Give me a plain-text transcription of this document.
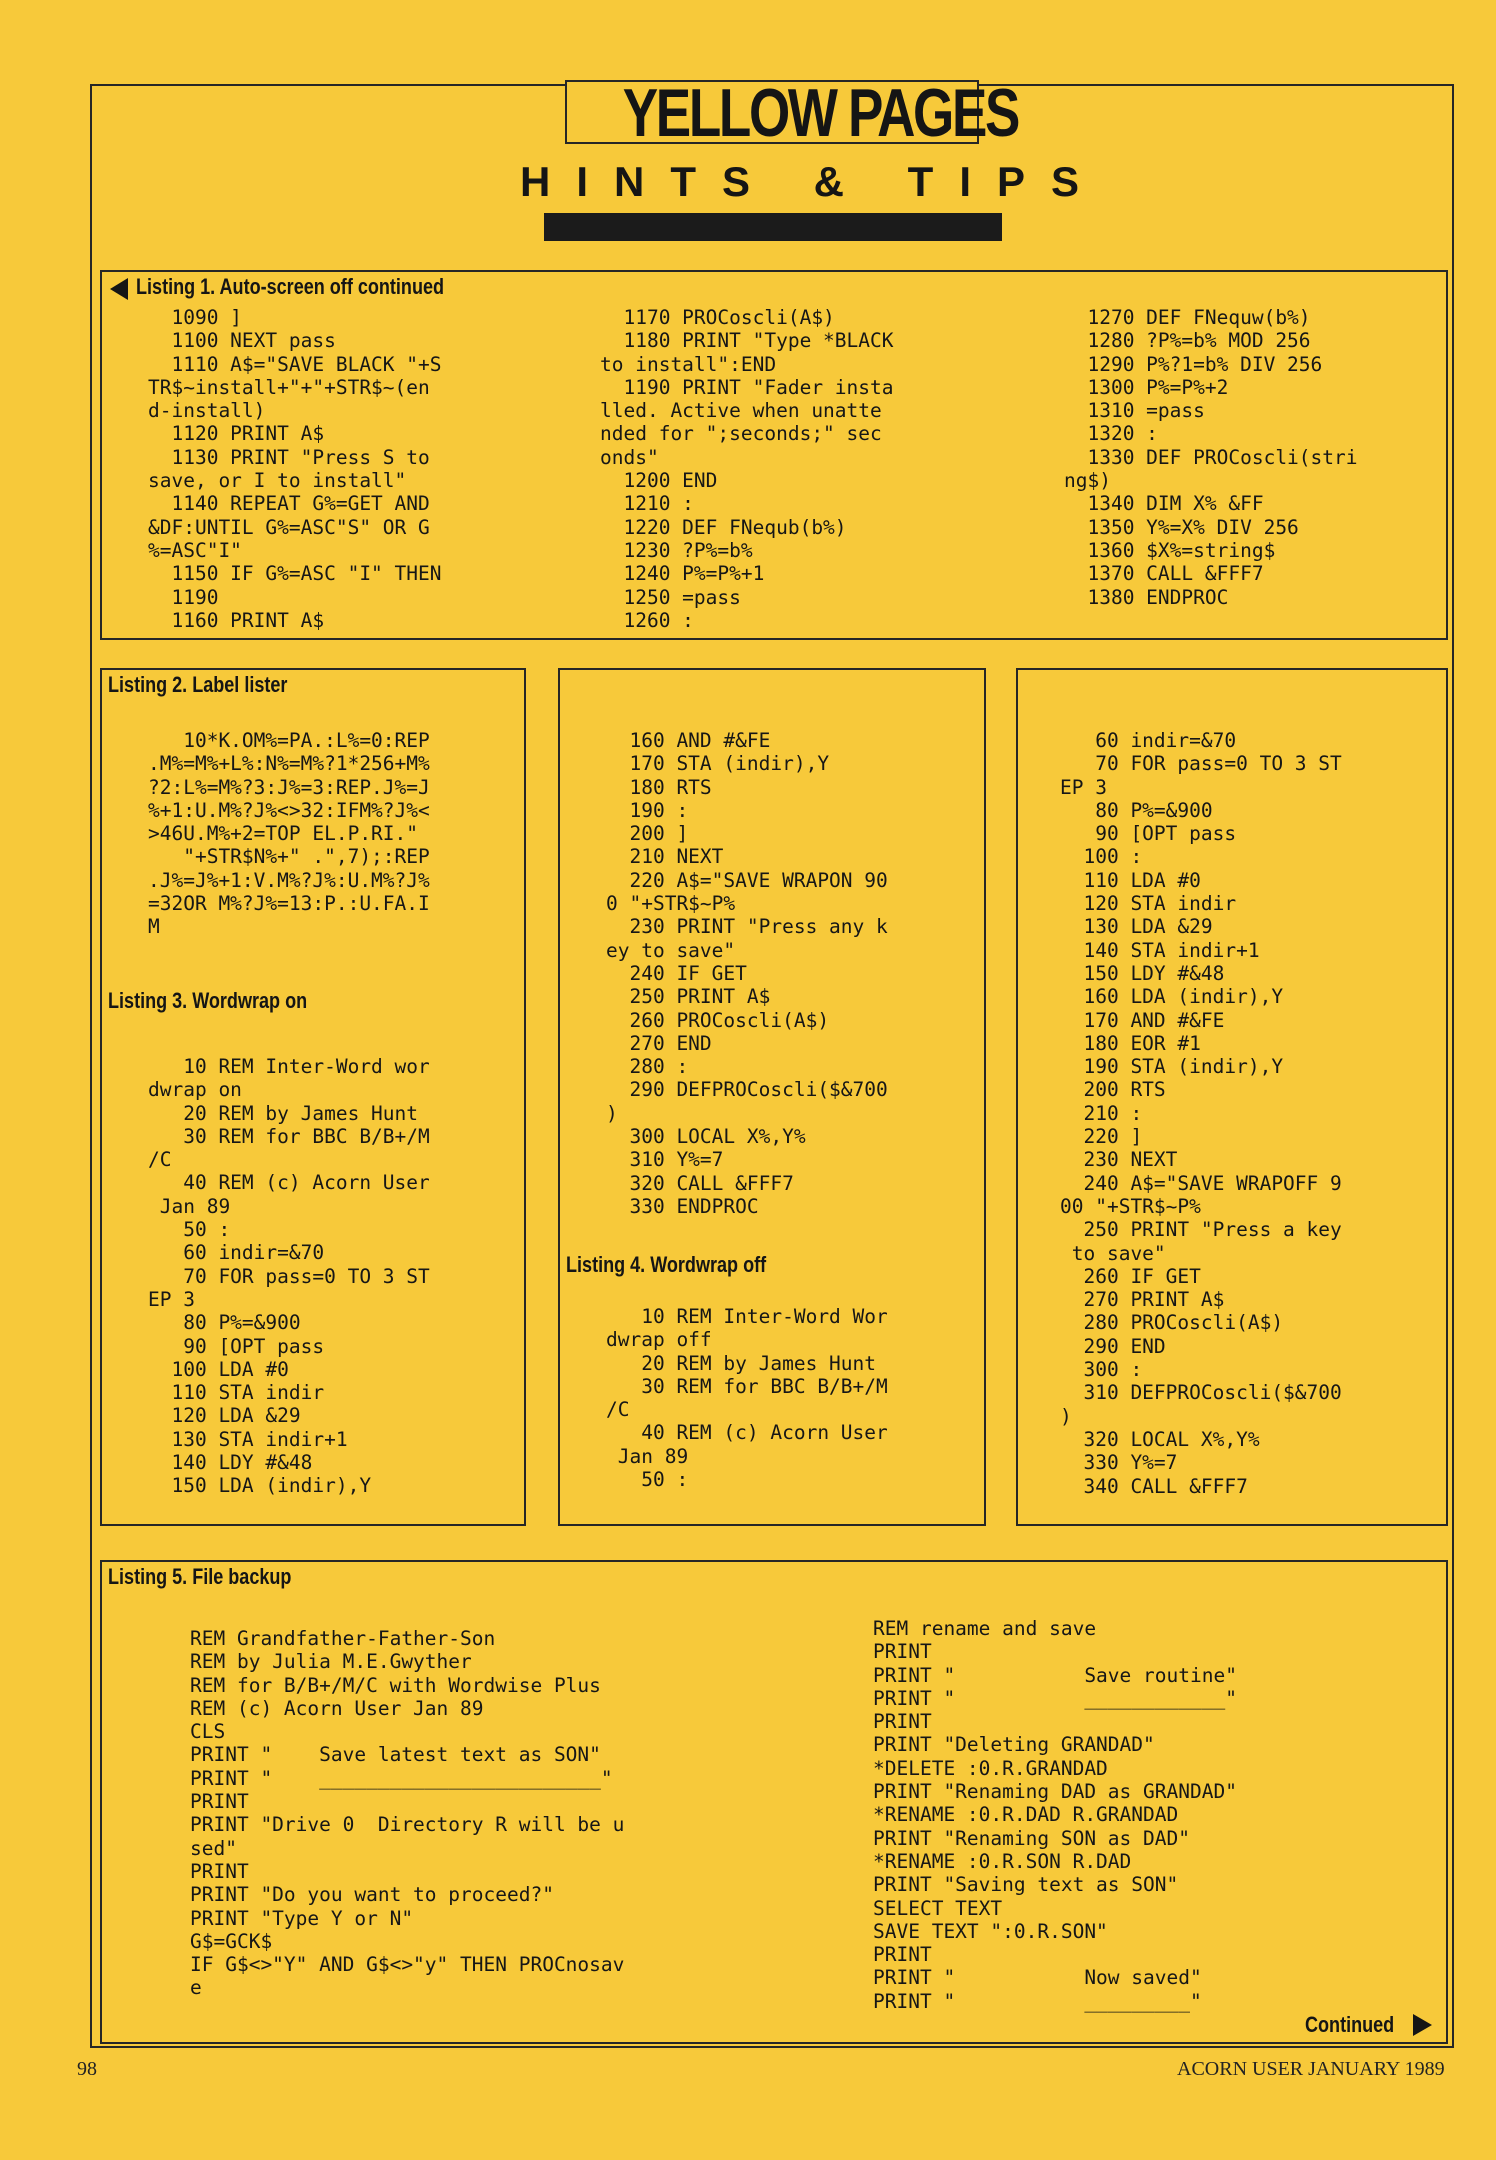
YELLOW PAGES
HINTS & TIPS
Listing 1. Auto-screen off continued
1090 ]
1100 NEXT pass
1110 A$="SAVE BLACK "+S
TR$~install+"+"+STR$~(en
d-install)
1120 PRINT A$
1130 PRINT "Press S to
save, or I to install"
1140 REPEAT G%=GET AND
&DF:UNTIL G%=ASC"S" OR G
%=ASC"I"
1150 IF G%=ASC "I" THEN
1190
1160 PRINT A$
1170 PROCoscli(A$)
1180 PRINT "Type *BLACK
to install":END
1190 PRINT "Fader insta
lled. Active when unatte
nded for ";seconds;" sec
onds"
1200 END
1210 :
1220 DEF FNequb(b%)
1230 ?P%=b%
1240 P%=P%+1
1250 =pass
1260 :
1270 DEF FNequw(b%)
1280 ?P%=b% MOD 256
1290 P%?1=b% DIV 256
1300 P%=P%+2
1310 =pass
1320 :
1330 DEF PROCoscli(stri
ng$)
1340 DIM X% &FF
1350 Y%=X% DIV 256
1360 $X%=string$
1370 CALL &FFF7
1380 ENDPROC
Listing 2. Label lister
10*K.OM%=PA.:L%=0:REP
.M%=M%+L%:N%=M%?1*256+M%
?2:L%=M%?3:J%=3:REP.J%=J
%+1:U.M%?J%<>32:IFM%?J%<
>46U.M%+2=TOP EL.P.RI."
"+STR$N%+" .",7);:REP
.J%=J%+1:V.M%?J%:U.M%?J%
=32OR M%?J%=13:P.:U.FA.I
M
Listing 3. Wordwrap on
10 REM Inter-Word wor
dwrap on
20 REM by James Hunt
30 REM for BBC B/B+/M
/C
40 REM (c) Acorn User
Jan 89
50 :
60 indir=&70
70 FOR pass=0 TO 3 ST
EP 3
80 P%=&900
90 [OPT pass
100 LDA #0
110 STA indir
120 LDA &29
130 STA indir+1
140 LDY #&48
150 LDA (indir),Y
160 AND #&FE
170 STA (indir),Y
180 RTS
190 :
200 ]
210 NEXT
220 A$="SAVE WRAPON 90
0 "+STR$~P%
230 PRINT "Press any k
ey to save"
240 IF GET
250 PRINT A$
260 PROCoscli(A$)
270 END
280 :
290 DEFPROCoscli($&700
)
300 LOCAL X%,Y%
310 Y%=7
320 CALL &FFF7
330 ENDPROC
Listing 4. Wordwrap off
10 REM Inter-Word Wor
dwrap off
20 REM by James Hunt
30 REM for BBC B/B+/M
/C
40 REM (c) Acorn User
Jan 89
50 :
60 indir=&70
70 FOR pass=0 TO 3 ST
EP 3
80 P%=&900
90 [OPT pass
100 :
110 LDA #0
120 STA indir
130 LDA &29
140 STA indir+1
150 LDY #&48
160 LDA (indir),Y
170 AND #&FE
180 EOR #1
190 STA (indir),Y
200 RTS
210 :
220 ]
230 NEXT
240 A$="SAVE WRAPOFF 9
00 "+STR$~P%
250 PRINT "Press a key
to save"
260 IF GET
270 PRINT A$
280 PROCoscli(A$)
290 END
300 :
310 DEFPROCoscli($&700
)
320 LOCAL X%,Y%
330 Y%=7
340 CALL &FFF7
Listing 5. File backup
REM Grandfather-Father-Son
REM by Julia M.E.Gwyther
REM for B/B+/M/C with Wordwise Plus
REM (c) Acorn User Jan 89
CLS
PRINT "    Save latest text as SON"
PRINT "    ________________________"
PRINT
PRINT "Drive 0  Directory R will be u
sed"
PRINT
PRINT "Do you want to proceed?"
PRINT "Type Y or N"
G$=GCK$
IF G$<>"Y" AND G$<>"y" THEN PROCnosav
e
REM rename and save
PRINT
PRINT "           Save routine"
PRINT "           ____________"
PRINT
PRINT "Deleting GRANDAD"
*DELETE :0.R.GRANDAD
PRINT "Renaming DAD as GRANDAD"
*RENAME :0.R.DAD R.GRANDAD
PRINT "Renaming SON as DAD"
*RENAME :0.R.SON R.DAD
PRINT "Saving text as SON"
SELECT TEXT
SAVE TEXT ":0.R.SON"
PRINT
PRINT "           Now saved"
PRINT "           _________"
Continued
98	ACORN USER JANUARY 1989
